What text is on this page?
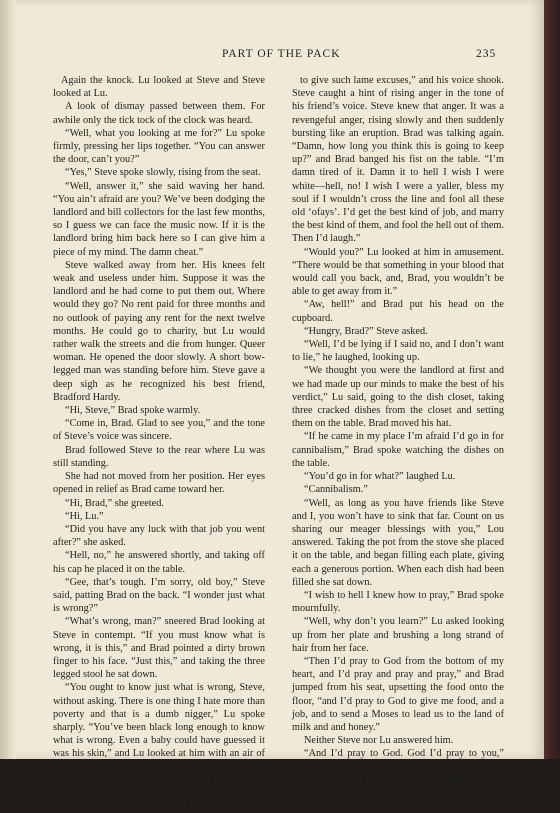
PART OF THE PACK	235

Again the knock. Lu looked at Steve and Steve looked at Lu.

A look of dismay passed between them. For awhile only the tick tock of the clock was heard.

“Well, what you looking at me for?” Lu spoke firmly, pressing her lips together. “You can answer the door, can’t you?”

“Yes,” Steve spoke slowly, rising from the seat.

“Well, answer it,” she said waving her hand. “You ain’t afraid are you? We’ve been dodging the landlord and bill collectors for the last few months, so I guess we can face the music now. If it is the landlord bring him back here so I can give him a piece of my mind. The damn cheat.”

Steve walked away from her. His knees felt weak and useless under him. Suppose it was the landlord and he had come to put them out. Where would they go? No rent paid for three months and no outlook of paying any rent for the next twelve months. He could go to charity, but Lu would rather walk the streets and die from hunger. Queer woman. He opened the door slowly. A short bow-legged man was standing before him. Steve gave a deep sigh as he recognized his best friend, Bradford Hardy.

“Hi, Steve,” Brad spoke warmly.

“Come in, Brad. Glad to see you,” and the tone of Steve’s voice was sincere.

Brad followed Steve to the rear where Lu was still standing.

She had not moved from her position. Her eyes opened in relief as Brad came toward her.

“Hi, Brad,” she greeted.

“Hi, Lu.”

“Did you have any luck with that job you went after?” she asked.

“Hell, no,” he answered shortly, and taking off his cap he placed it on the table.

“Gee, that’s tough. I’m sorry, old boy,” Steve said, patting Brad on the back. “I wonder just what is wrong?”

“What’s wrong, man?” sneered Brad looking at Steve in contempt. “If you must know what is wrong, it is this,” and Brad pointed a dirty brown finger to his face. “Just this,” and taking the three legged stool he sat down.

“You ought to know just what is wrong, Steve, without asking. There is one thing I hate more than poverty and that is a dumb nigger,” Lu spoke sharply. “You’ve been black long enough to know what is wrong. Even a baby could have guessed it was his skin,” and Lu looked at him with an air of superiority.

“Not that I couldn’t do the work. I’ve had good training in that field,” and a deep frown formed in Brad’s forehead. “They always have

to give such lame excuses,” and his voice shook. Steve caught a hint of rising anger in the tone of his friend’s voice. Steve knew that anger. It was a revengeful anger, rising slowly and then suddenly bursting like an eruption. Brad was talking again. “Damn, how long you think this is going to keep up?” and Brad banged his fist on the table. “I’m damn tired of it. Damn it to hell I wish I were white—hell, no! I wish I were a yaller, bless my soul if I wouldn’t cross the line and fool all these old ‘ofays’. I’d get the best kind of job, and marry the best kind of them, and fool the hell out of them. Then I’d laugh.”

“Would you?” Lu looked at him in amusement. “There would be that something in your blood that would call you back, and, Brad, you wouldn’t be able to get away from it.”

“Aw, hell!” and Brad put his head on the cupboard.

“Hungry, Brad?” Steve asked.

“Well, I’d be lying if I said no, and I don’t want to lie,” he laughed, looking up.

“We thought you were the landlord at first and we had made up our minds to make the best of his verdict,” Lu said, going to the dish closet, taking three cracked dishes from the closet and setting them on the table. Brad moved his hat.

“If he came in my place I’m afraid I’d go in for cannibalism,” Brad spoke watching the dishes on the table.

“You’d go in for what?” laughed Lu.

“Cannibalism.”

“Well, as long as you have friends like Steve and I, you won’t have to sink that far. Count on us sharing our meager blessings with you,” Lou answered. Taking the pot from the stove she placed it on the table, and began filling each plate, giving each a generous portion. When each dish had been filled she sat down.

“I wish to hell I knew how to pray,” Brad spoke mournfully.

“Well, why don’t you learn?” Lu asked looking up from her plate and brushing a long strand of hair from her face.

“Then I’d pray to God from the bottom of my heart, and I’d pray and pray and pray,” and Brad jumped from his seat, upsetting the food onto the floor, “and I’d pray to God to give me food, and a job, and to send a Moses to lead us to the land of milk and and honey.”

Neither Steve nor Lu answered him.

“And I’d pray to God. God I’d pray to you,” went on Brad. “God! oh God! I’d pray for justice, for fairness, and God, I’d pray. Oh hell, I wish I knew how to pray,” and Brad tore at his ragged shirt and beat his bony hand
